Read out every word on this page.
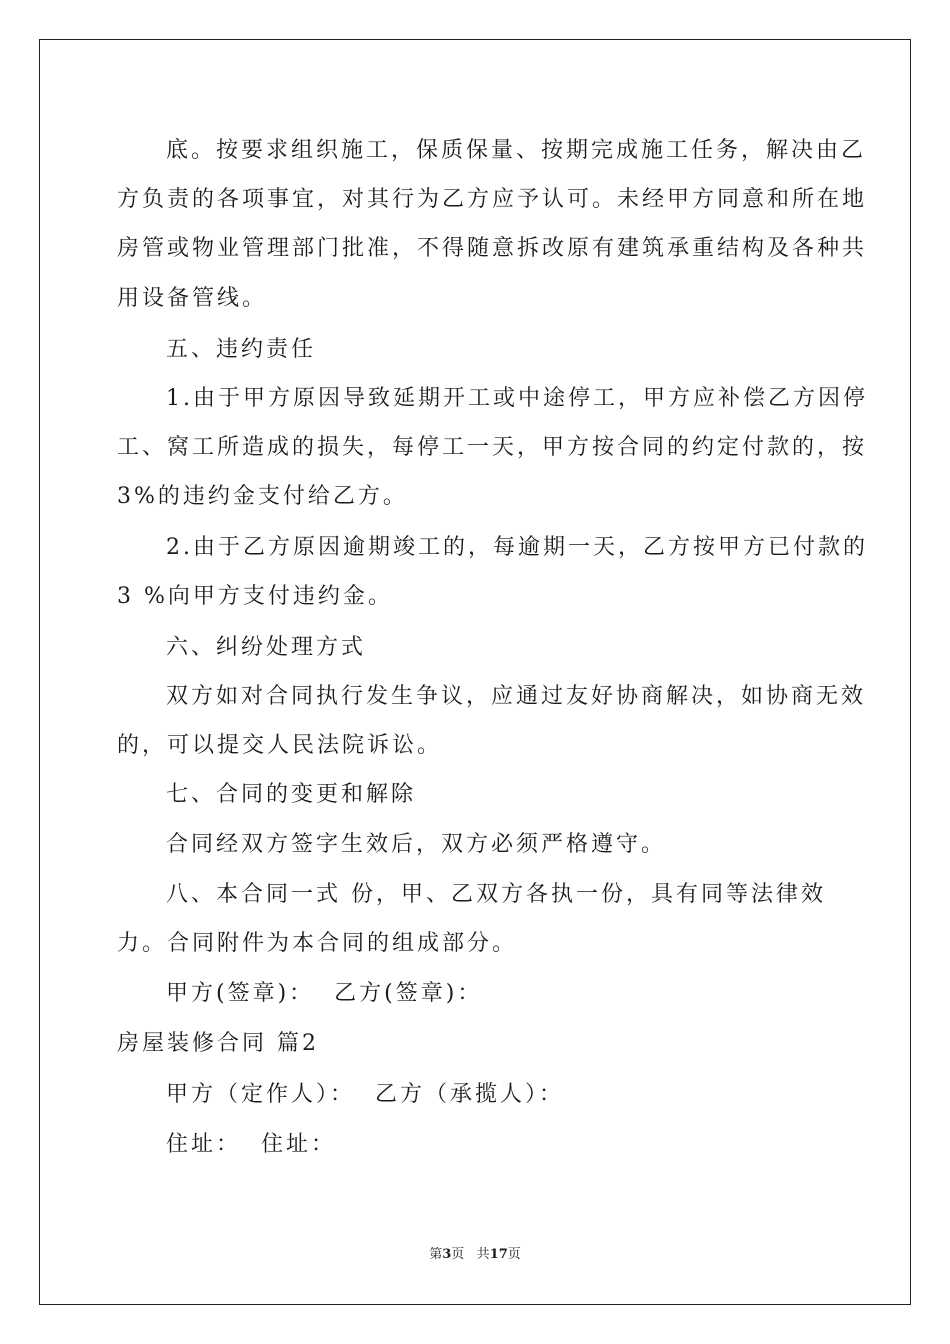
底。按要求组织施工，保质保量、按期完成施工任务，解决由乙
方负责的各项事宜，对其行为乙方应予认可。未经甲方同意和所在地
房管或物业管理部门批准，不得随意拆改原有建筑承重结构及各种共
用设备管线。
五、违约责任
1.由于甲方原因导致延期开工或中途停工，甲方应补偿乙方因停
工、窝工所造成的损失，每停工一天，甲方按合同的约定付款的，按
3%的违约金支付给乙方。
2.由于乙方原因逾期竣工的，每逾期一天，乙方按甲方已付款的
3 %向甲方支付违约金。
六、纠纷处理方式
双方如对合同执行发生争议，应通过友好协商解决，如协商无效
的，可以提交人民法院诉讼。
七、合同的变更和解除
合同经双方签字生效后，双方必须严格遵守。
八、本合同一式 份，甲、乙双方各执一份，具有同等法律效
力。合同附件为本合同的组成部分。
甲方(签章)：  乙方(签章)：
房屋装修合同 篇2
甲方（定作人）：  乙方（承揽人）：
住址：  住址：
第3页 共17页
